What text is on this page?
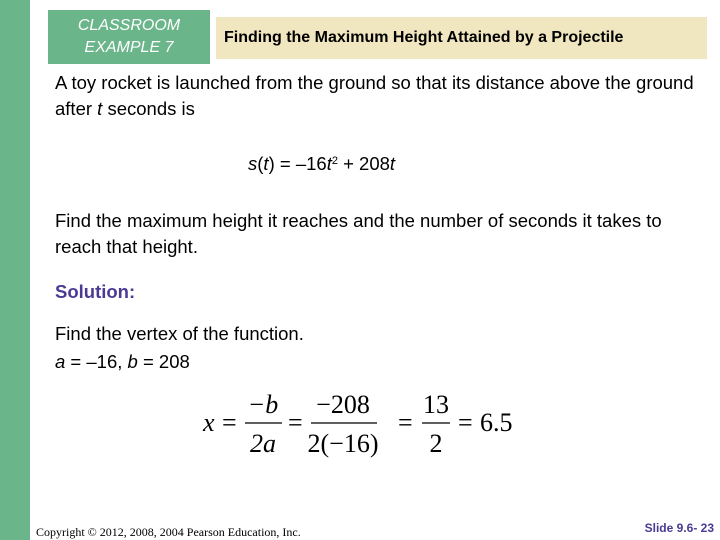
CLASSROOM
EXAMPLE 7
Finding the Maximum Height Attained by a Projectile
A toy rocket is launched from the ground so that its distance above the ground after t seconds is
$s(t) = -16t^2 + 208t$
Find the maximum height it reaches and the number of seconds it takes to reach that height.
Solution:
Find the vertex of the function.
a = –16, b = 208
x =
−b
2a
=
−208
2(−16)
=
13
2
= 6.5
Copyright © 2012, 2008, 2004 Pearson Education, Inc.	Slide 9.6- 23
